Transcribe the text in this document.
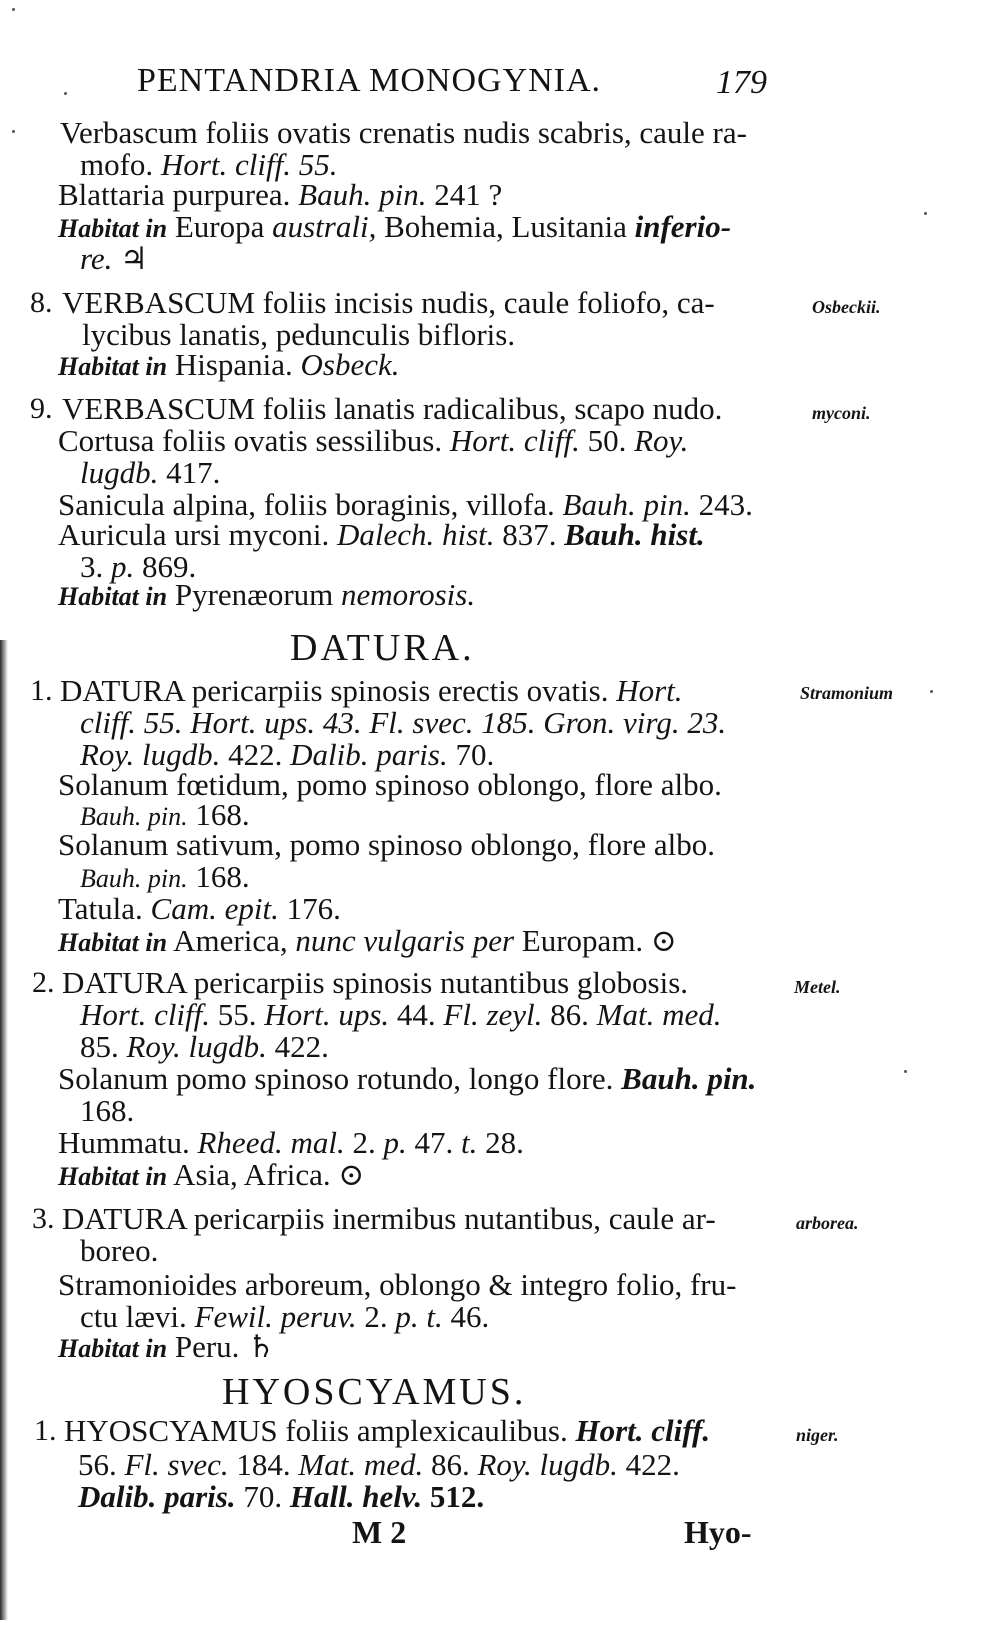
PENTANDRIA MONOGYNIA.	179
Verbascum foliis ovatis crenatis nudis scabris, caule ra-
mofo. Hort. cliff. 55.
Blattaria purpurea. Bauh. pin. 241 ?
Habitat in Europa australi, Bohemia, Lusitania inferio-
re. ♃
8. VERBASCUM foliis incisis nudis, caule foliofo, ca-
lycibus lanatis, pedunculis bifloris.
Habitat in Hispania. Osbeck.
Osbeckii.
9. VERBASCUM foliis lanatis radicalibus, scapo nudo.
Cortusa foliis ovatis sessilibus. Hort. cliff. 50. Roy.
lugdb. 417.
Sanicula alpina, foliis boraginis, villofa. Bauh. pin. 243.
Auricula ursi myconi. Dalech. hist. 837. Bauh. hist.
3. p. 869.
Habitat in Pyrenæorum nemorosis.
myconi.
DATURA.
1. DATURA pericarpiis spinosis erectis ovatis. Hort.
cliff. 55. Hort. ups. 43. Fl. svec. 185. Gron. virg. 23.
Roy. lugdb. 422. Dalib. paris. 70.
Solanum fœtidum, pomo spinoso oblongo, flore albo.
Bauh. pin. 168.
Solanum sativum, pomo spinoso oblongo, flore albo.
Bauh. pin. 168.
Tatula. Cam. epit. 176.
Habitat in America, nunc vulgaris per Europam. ⊙
Stramonium
2. DATURA pericarpiis spinosis nutantibus globosis.
Hort. cliff. 55. Hort. ups. 44. Fl. zeyl. 86. Mat. med.
85. Roy. lugdb. 422.
Solanum pomo spinoso rotundo, longo flore. Bauh. pin.
168.
Hummatu. Rheed. mal. 2. p. 47. t. 28.
Habitat in Asia, Africa. ⊙
Metel.
3. DATURA pericarpiis inermibus nutantibus, caule ar-
boreo.
Stramonioides arboreum, oblongo & integro folio, fru-
ctu lævi. Fewil. peruv. 2. p. t. 46.
Habitat in Peru. ♄
arborea.
HYOSCYAMUS.
1. HYOSCYAMUS foliis amplexicaulibus. Hort. cliff.
56. Fl. svec. 184. Mat. med. 86. Roy. lugdb. 422.
Dalib. paris. 70. Hall. helv. 512.
niger.
M 2	Hyo-
